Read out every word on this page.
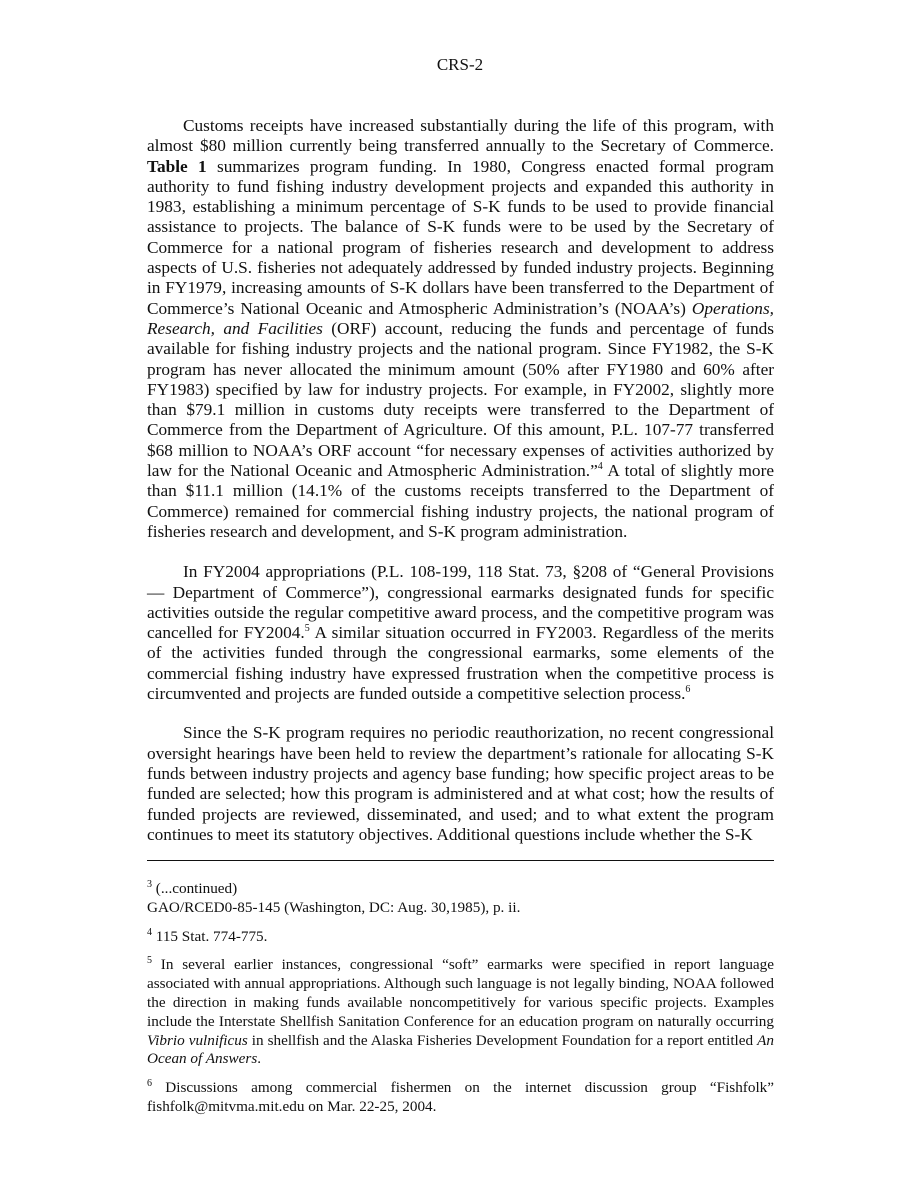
CRS-2

Customs receipts have increased substantially during the life of this program, with almost $80 million currently being transferred annually to the Secretary of Commerce. Table 1 summarizes program funding. In 1980, Congress enacted formal program authority to fund fishing industry development projects and expanded this authority in 1983, establishing a minimum percentage of S-K funds to be used to provide financial assistance to projects. The balance of S-K funds were to be used by the Secretary of Commerce for a national program of fisheries research and development to address aspects of U.S. fisheries not adequately addressed by funded industry projects. Beginning in FY1979, increasing amounts of S-K dollars have been transferred to the Department of Commerce’s National Oceanic and Atmospheric Administration’s (NOAA’s) Operations, Research, and Facilities (ORF) account, reducing the funds and percentage of funds available for fishing industry projects and the national program. Since FY1982, the S-K program has never allocated the minimum amount (50% after FY1980 and 60% after FY1983) specified by law for industry projects. For example, in FY2002, slightly more than $79.1 million in customs duty receipts were transferred to the Department of Commerce from the Department of Agriculture. Of this amount, P.L. 107-77 transferred $68 million to NOAA’s ORF account “for necessary expenses of activities authorized by law for the National Oceanic and Atmospheric Administration.”$^4$ A total of slightly more than $11.1 million (14.1% of the customs receipts transferred to the Department of Commerce) remained for commercial fishing industry projects, the national program of fisheries research and development, and S-K program administration.

In FY2004 appropriations (P.L. 108-199, 118 Stat. 73, §208 of “General Provisions — Department of Commerce”), congressional earmarks designated funds for specific activities outside the regular competitive award process, and the competitive program was cancelled for FY2004.$^5$ A similar situation occurred in FY2003. Regardless of the merits of the activities funded through the congressional earmarks, some elements of the commercial fishing industry have expressed frustration when the competitive process is circumvented and projects are funded outside a competitive selection process.$^6$

Since the S-K program requires no periodic reauthorization, no recent congressional oversight hearings have been held to review the department’s rationale for allocating S-K funds between industry projects and agency base funding; how specific project areas to be funded are selected; how this program is administered and at what cost; how the results of funded projects are reviewed, disseminated, and used; and to what extent the program continues to meet its statutory objectives. Additional questions include whether the S-K

$^3$ (...continued)
GAO/RCED0-85-145 (Washington, DC: Aug. 30,1985), p. ii.
$^4$ 115 Stat. 774-775.
$^5$ In several earlier instances, congressional “soft” earmarks were specified in report language associated with annual appropriations. Although such language is not legally binding, NOAA followed the direction in making funds available noncompetitively for various specific projects. Examples include the Interstate Shellfish Sanitation Conference for an education program on naturally occurring Vibrio vulnificus in shellfish and the Alaska Fisheries Development Foundation for a report entitled An Ocean of Answers.
$^6$ Discussions among commercial fishermen on the internet discussion group “Fishfolk” fishfolk@mitvma.mit.edu on Mar. 22-25, 2004.
